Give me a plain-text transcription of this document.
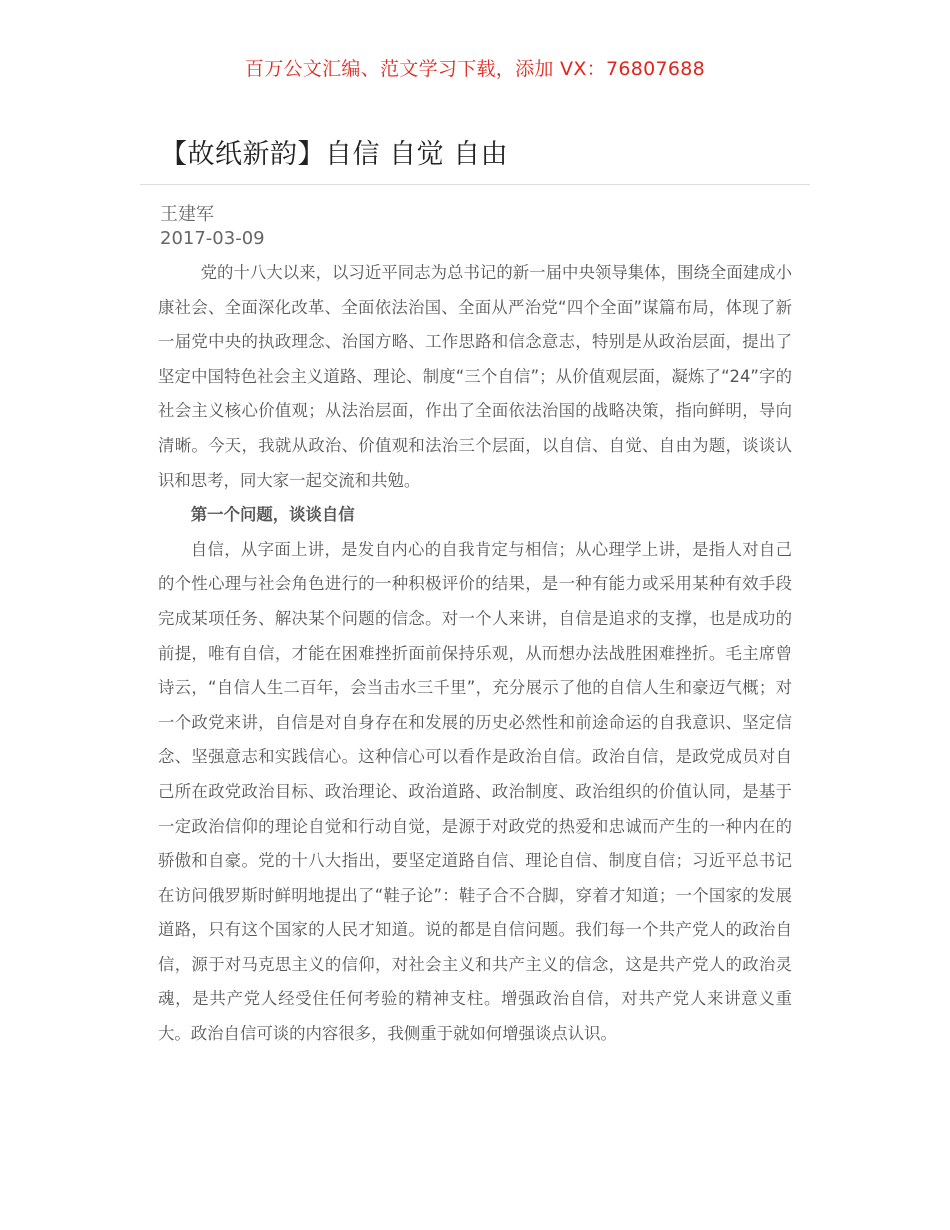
百万公文汇编、范文学习下载，添加 VX：76807688
【故纸新韵】自信 自觉 自由
王建军
2017-03-09

党的十八大以来，以习近平同志为总书记的新一届中央领导集体，围绕全面建成小康社会、全面深化改革、全面依法治国、全面从严治党“四个全面”谋篇布局，体现了新一届党中央的执政理念、治国方略、工作思路和信念意志，特别是从政治层面，提出了坚定中国特色社会主义道路、理论、制度“三个自信”；从价值观层面，凝炼了“24”字的社会主义核心价值观；从法治层面，作出了全面依法治国的战略决策，指向鲜明，导向清晰。今天，我就从政治、价值观和法治三个层面，以自信、自觉、自由为题，谈谈认识和思考，同大家一起交流和共勉。

第一个问题，谈谈自信

自信，从字面上讲，是发自内心的自我肯定与相信；从心理学上讲，是指人对自己的个性心理与社会角色进行的一种积极评价的结果，是一种有能力或采用某种有效手段完成某项任务、解决某个问题的信念。对一个人来讲，自信是追求的支撑，也是成功的前提，唯有自信，才能在困难挫折面前保持乐观，从而想办法战胜困难挫折。毛主席曾诗云，“自信人生二百年，会当击水三千里”，充分展示了他的自信人生和豪迈气概；对一个政党来讲，自信是对自身存在和发展的历史必然性和前途命运的自我意识、坚定信念、坚强意志和实践信心。这种信心可以看作是政治自信。政治自信，是政党成员对自己所在政党政治目标、政治理论、政治道路、政治制度、政治组织的价值认同，是基于一定政治信仰的理论自觉和行动自觉，是源于对政党的热爱和忠诚而产生的一种内在的骄傲和自豪。党的十八大指出，要坚定道路自信、理论自信、制度自信；习近平总书记在访问俄罗斯时鲜明地提出了“鞋子论”：鞋子合不合脚，穿着才知道；一个国家的发展道路，只有这个国家的人民才知道。说的都是自信问题。我们每一个共产党人的政治自信，源于对马克思主义的信仰，对社会主义和共产主义的信念，这是共产党人的政治灵魂，是共产党人经受住任何考验的精神支柱。增强政治自信，对共产党人来讲意义重大。政治自信可谈的内容很多，我侧重于就如何增强谈点认识。
